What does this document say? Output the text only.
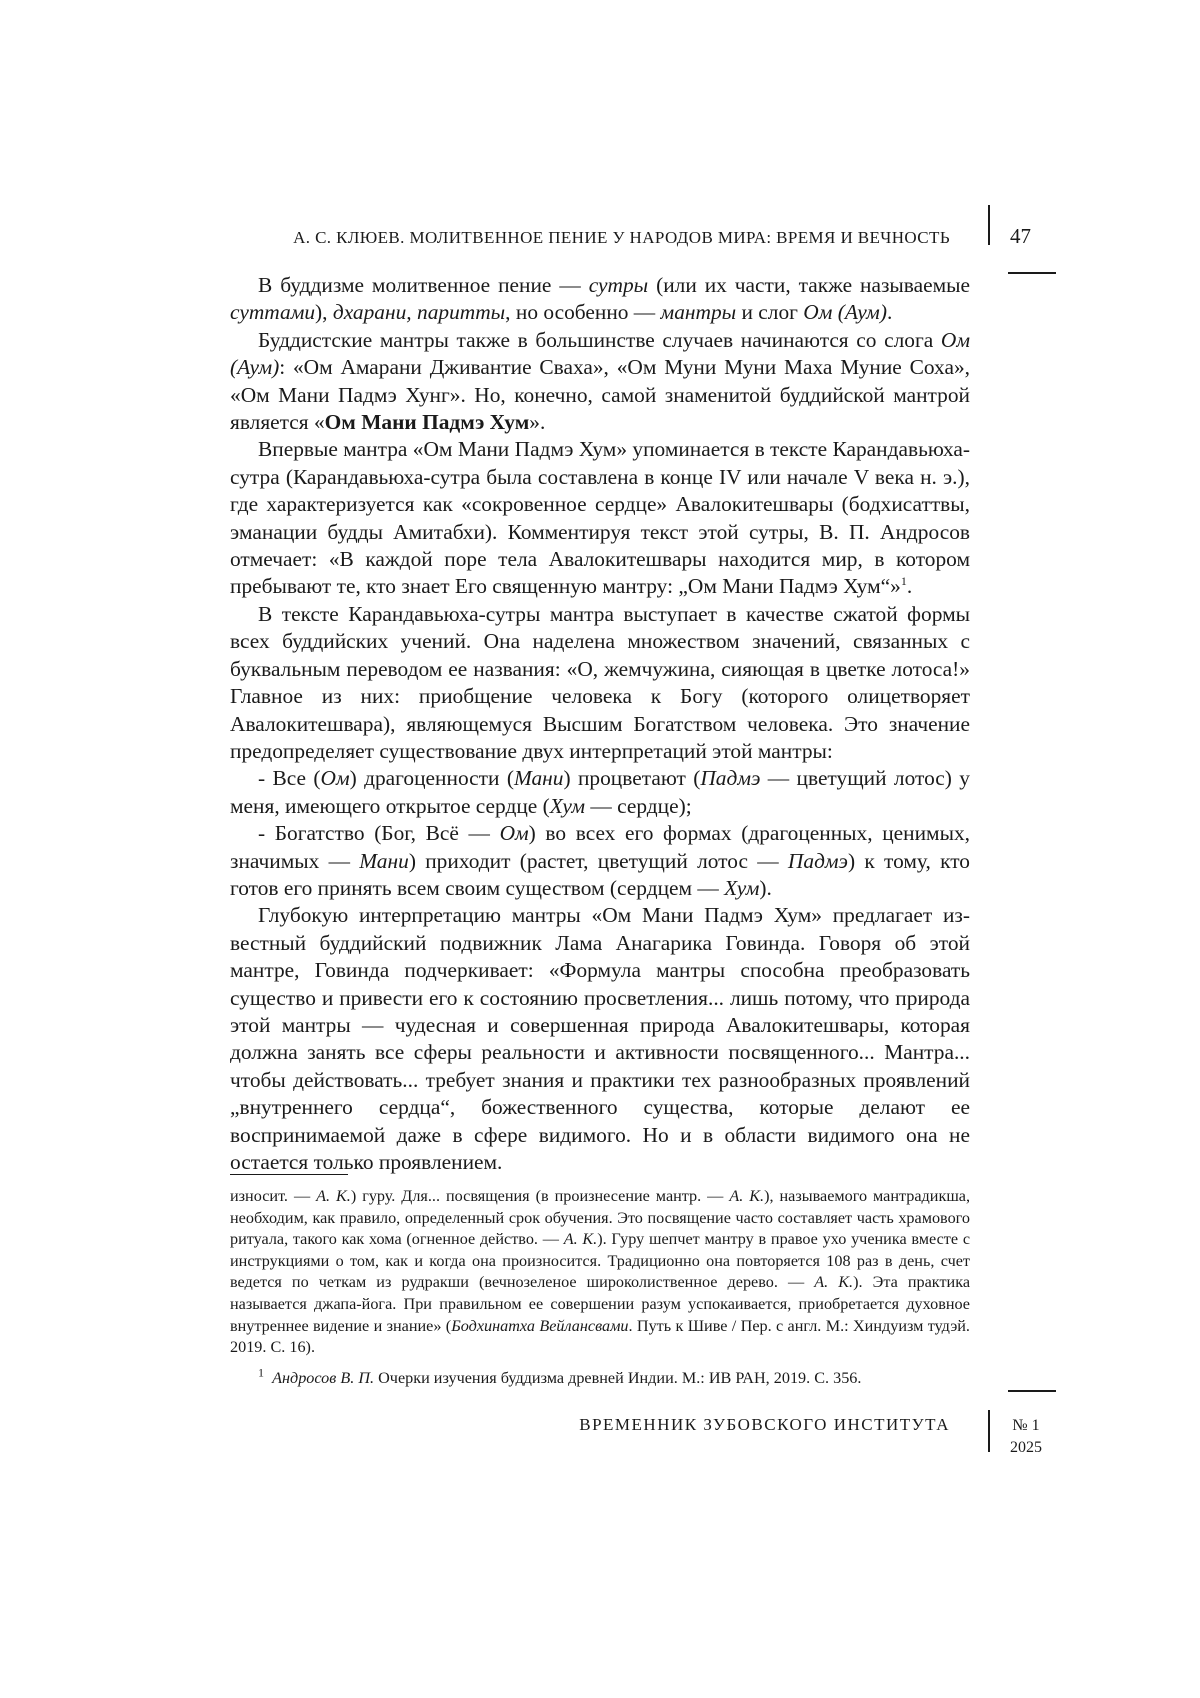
А. С. КЛЮЕВ. МОЛИТВЕННОЕ ПЕНИЕ У НАРОДОВ МИРА: ВРЕМЯ И ВЕЧНОСТЬ	47

В буддизме молитвенное пение — сутры (или их части, также называемые суттами), дхарани, паритты, но особенно — мантры и слог Ом (Аум).

Буддистские мантры также в большинстве случаев начинаются со слога Ом (Аум): «Ом Амарани Дживантие Сваха», «Ом Муни Муни Маха Муние Соха», «Ом Мани Падмэ Хунг». Но, конечно, самой знаменитой буддийской мантрой является «Ом Мани Падмэ Хум».

Впервые мантра «Ом Мани Падмэ Хум» упоминается в тексте Карандавьюха-сутра (Карандавьюха-сутра была составлена в конце IV или начале V века н. э.), где характеризуется как «сокровенное сердце» Авалокитешвары (бодхисаттвы, эманации будды Амитабхи). Комментируя текст этой сутры, В. П. Андросов отмечает: «В каждой поре тела Авалокитешвары находится мир, в котором пребывают те, кто знает Его священную мантру: „Ом Мани Падмэ Хум“»$^1$.

В тексте Карандавьюха-сутры мантра выступает в качестве сжатой формы всех буддийских учений. Она наделена множеством значений, связанных с буквальным переводом ее названия: «О, жемчужина, сияющая в цветке лотоса!» Главное из них: приобщение человека к Богу (которого олицетворяет Авалокитешвара), являющемуся Высшим Богатством человека. Это значение предопределяет существование двух интерпретаций этой мантры:

- Все (Ом) драгоценности (Мани) процветают (Падмэ — цветущий лотос) у меня, имеющего открытое сердце (Хум — сердце);

- Богатство (Бог, Всё — Ом) во всех его формах (драгоценных, ценимых, значимых — Мани) приходит (растет, цветущий лотос — Падмэ) к тому, кто готов его принять всем своим существом (сердцем — Хум).

Глубокую интерпретацию мантры «Ом Мани Падмэ Хум» предлагает известный буддийский подвижник Лама Анагарика Говинда. Говоря об этой мантре, Говинда подчеркивает: «Формула мантры способна преобразовать существо и привести его к состоянию просветления... лишь потому, что природа этой мантры — чудесная и совершенная природа Авалокитешвары, которая должна занять все сферы реальности и активности посвященного... Мантра... чтобы действовать... требует знания и практики тех разнообразных проявлений „внутреннего сердца“, божественного существа, которые делают ее воспринимаемой даже в сфере видимого. Но и в области видимого она не остается только проявлением.

износит. — А. К.) гуру. Для... посвящения (в произнесение мантр. — А. К.), называемого мантрадикша, необходим, как правило, определенный срок обучения. Это посвящение часто составляет часть храмового ритуала, такого как хома (огненное действо. — А. К.). Гуру шепчет мантру в правое ухо ученика вместе с инструкциями о том, как и когда она произносится. Традиционно она повторяется 108 раз в день, счет ведется по четкам из рудракши (вечнозеленое широколиственное дерево. — А. К.). Эта практика называется джапа-йога. При правильном ее совершении разум успокаивается, приобретается духовное внутреннее видение и знание» (Бодхинатха Вейлансвами. Путь к Шиве / Пер. с англ. М.: Хиндуизм тудэй. 2019. С. 16).

$^1$ Андросов В. П. Очерки изучения буддизма древней Индии. М.: ИВ РАН, 2019. С. 356.

ВРЕМЕННИК ЗУБОВСКОГО ИНСТИТУТА	№ 1
2025
